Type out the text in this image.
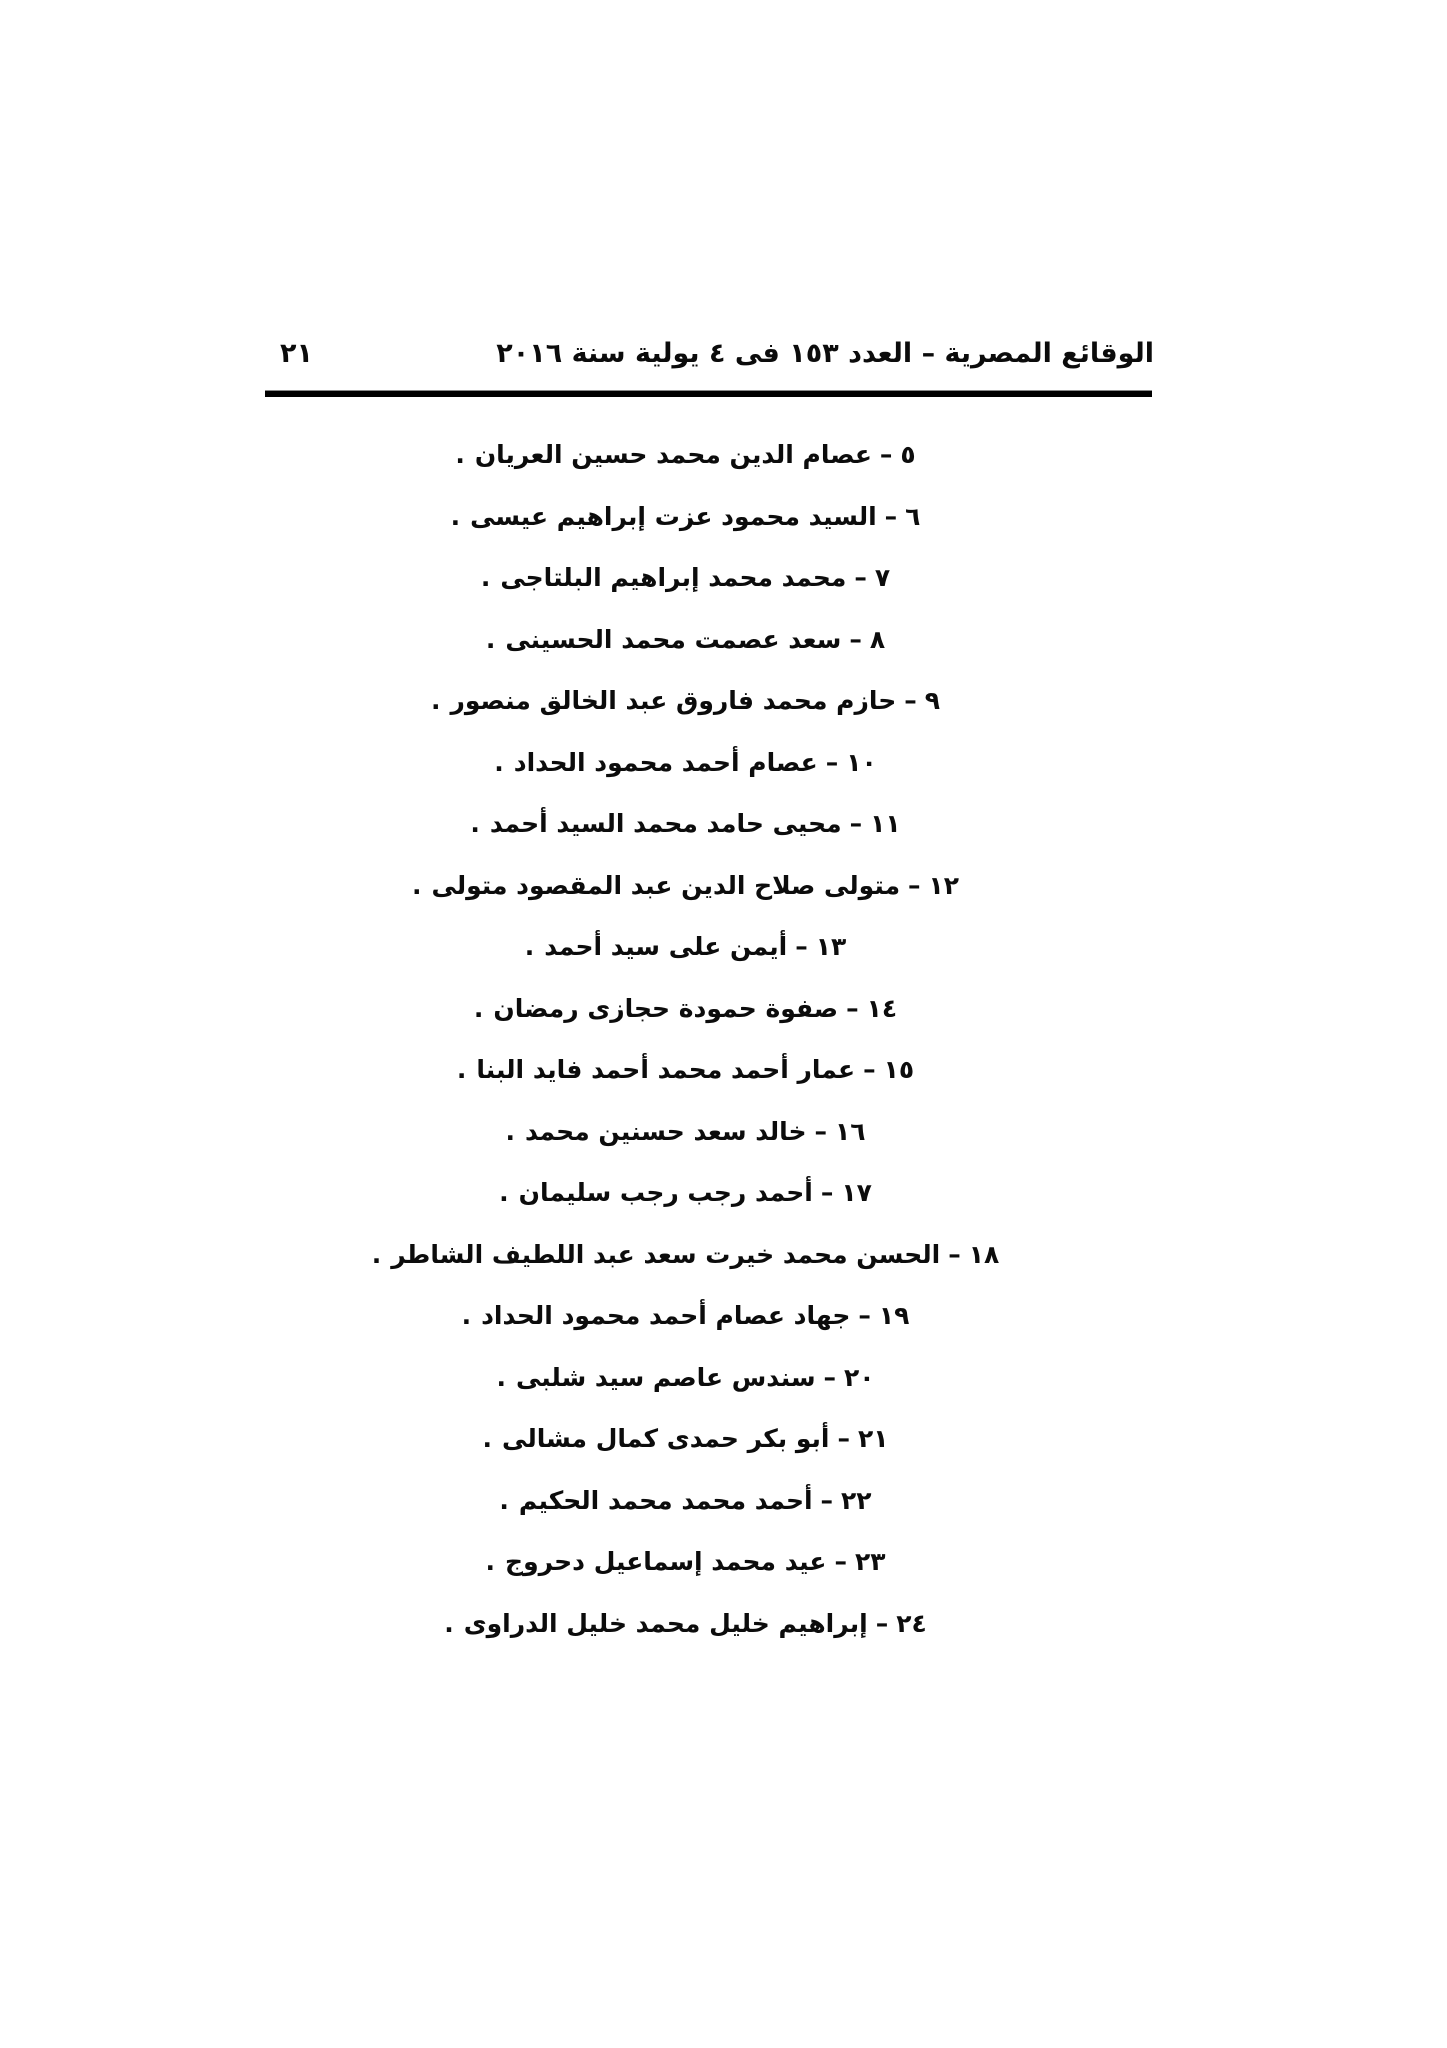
الوقائع المصرية – العدد ١٥٣ فى ٤ يولية سنة ٢٠١٦
٢١
٥
–
عصام الدين محمد حسين العريان
.
٦
–
السيد محمود عزت إبراهيم عيسى
.
٧
–
محمد محمد إبراهيم البلتاجى
.
٨
–
سعد عصمت محمد الحسينى
.
٩
–
حازم محمد فاروق عبد الخالق منصور
.
١٠
–
عصام أحمد محمود الحداد
.
١١
–
محيى حامد محمد السيد أحمد
.
١٢
–
متولى صلاح الدين عبد المقصود متولى
.
١٣
–
أيمن على سيد أحمد
.
١٤
–
صفوة حمودة حجازى رمضان
.
١٥
–
عمار أحمد محمد أحمد فايد البنا
.
١٦
–
خالد سعد حسنين محمد
.
١٧
–
أحمد رجب رجب سليمان
.
١٨
–
الحسن محمد خيرت سعد عبد اللطيف الشاطر
.
١٩
–
جهاد عصام أحمد محمود الحداد
.
٢٠
–
سندس عاصم سيد شلبى
.
٢١
–
أبو بكر حمدى كمال مشالى
.
٢٢
–
أحمد محمد محمد الحكيم
.
٢٣
–
عيد محمد إسماعيل دحروج
.
٢٤
–
إبراهيم خليل محمد خليل الدراوى
.
